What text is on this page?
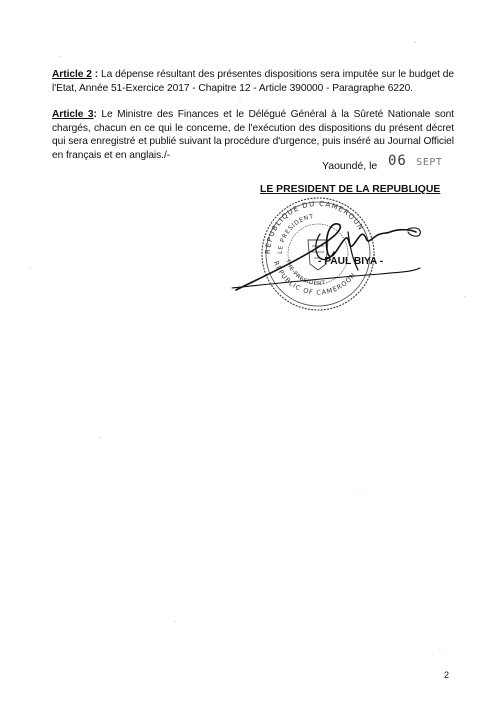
Article 2 : La dépense résultant des présentes dispositions sera imputée sur le budget de l'Etat, Année 51-Exercice 2017 - Chapitre 12 - Article 390000 - Paragraphe 6220.

Article 3: Le Ministre des Finances et le Délégué Général à la Sûreté Nationale sont chargés, chacun en ce qui le concerne, de l'exécution des dispositions du présent décret qui sera enregistré et publié suivant la procédure d'urgence, puis inséré au Journal Officiel en français et en anglais./-

Yaoundé, le 06 SEPT
REPUBLIQUE DU CAMEROUN
LE PRESIDENT
REPUBLIC OF CAMEROON
THE PRESIDENT
LE PRESIDENT DE LA REPUBLIQUE
- PAUL BIYA -
2
